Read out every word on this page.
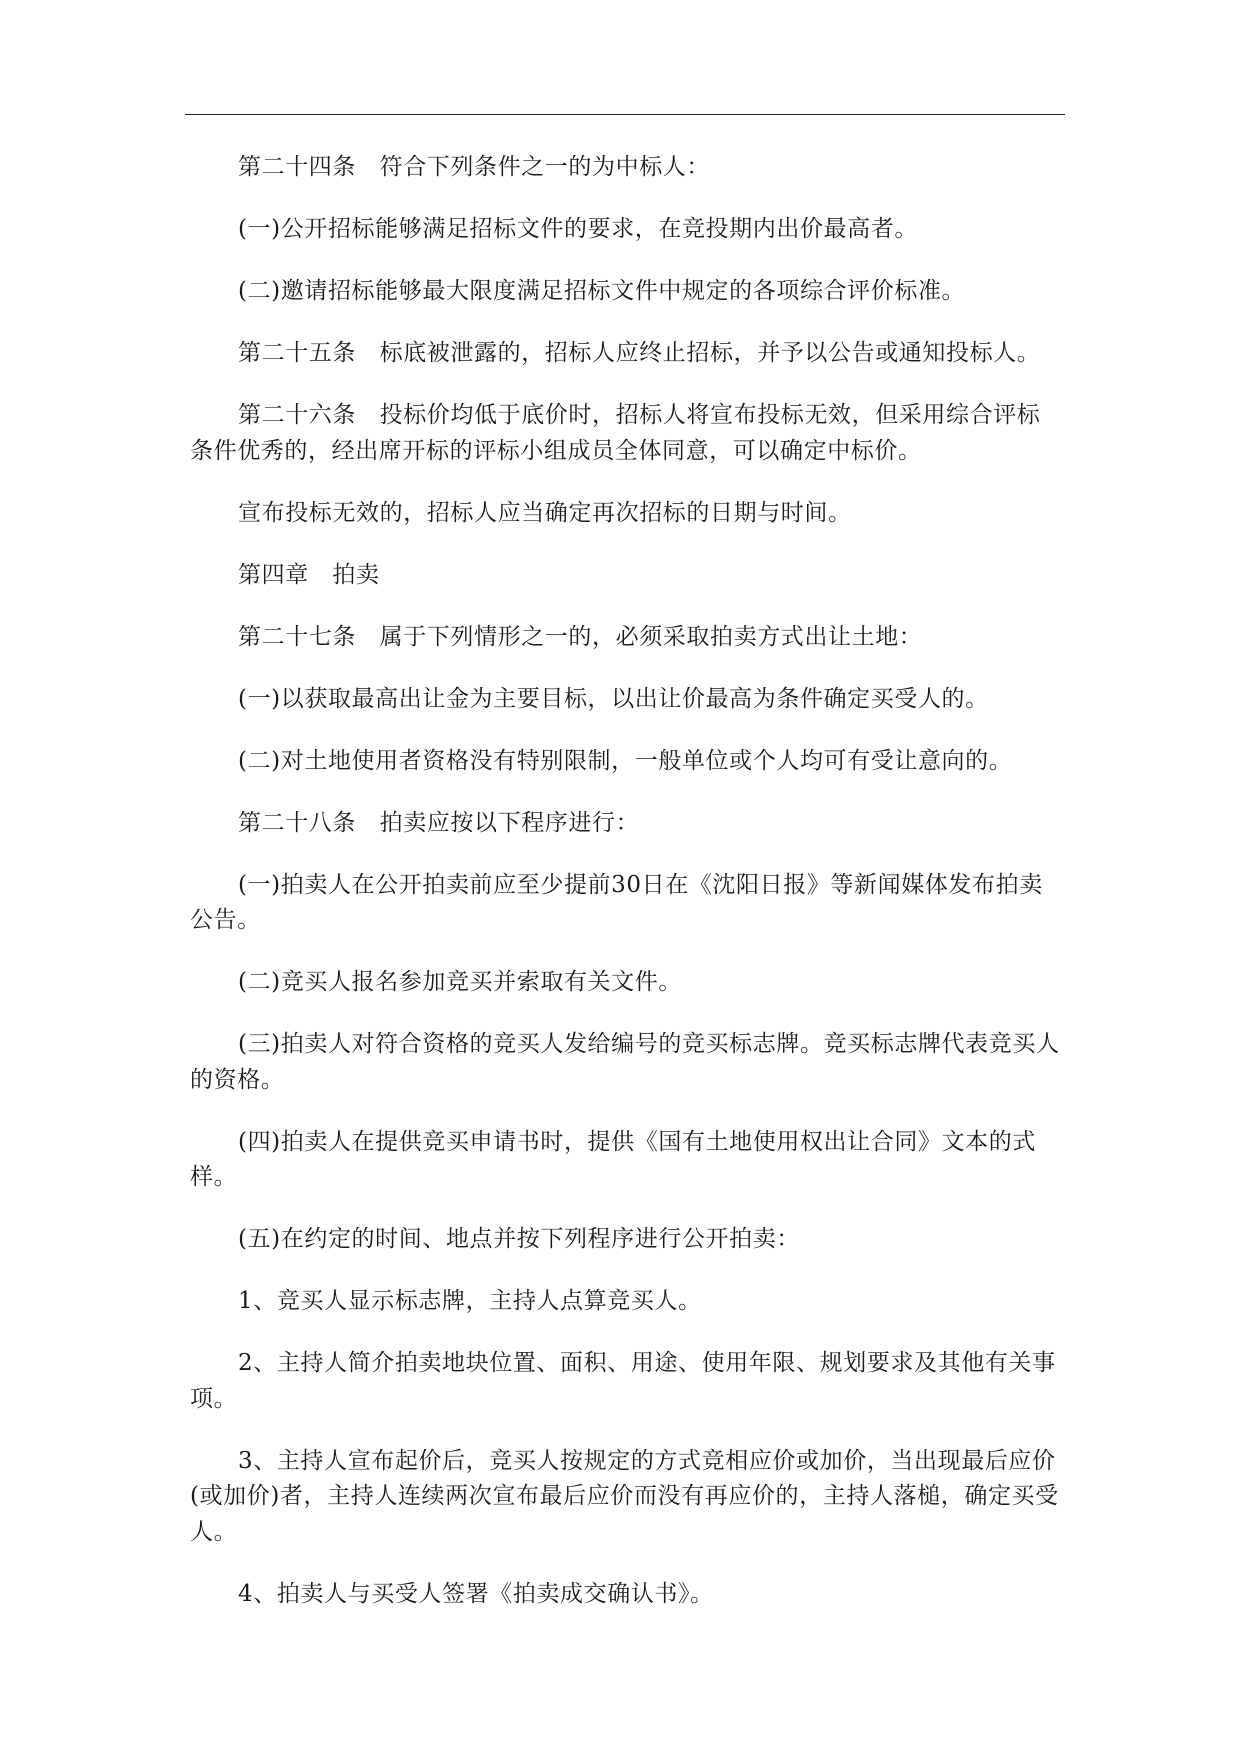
第二十四条　符合下列条件之一的为中标人：

(一)公开招标能够满足招标文件的要求，在竞投期内出价最高者。

(二)邀请招标能够最大限度满足招标文件中规定的各项综合评价标准。

第二十五条　标底被泄露的，招标人应终止招标，并予以公告或通知投标人。

第二十六条　投标价均低于底价时，招标人将宣布投标无效，但采用综合评标条件优秀的，经出席开标的评标小组成员全体同意，可以确定中标价。

宣布投标无效的，招标人应当确定再次招标的日期与时间。

第四章　拍卖

第二十七条　属于下列情形之一的，必须采取拍卖方式出让土地：

(一)以获取最高出让金为主要目标，以出让价最高为条件确定买受人的。

(二)对土地使用者资格没有特别限制，一般单位或个人均可有受让意向的。

第二十八条　拍卖应按以下程序进行：

(一)拍卖人在公开拍卖前应至少提前30日在《沈阳日报》等新闻媒体发布拍卖公告。

(二)竞买人报名参加竞买并索取有关文件。

(三)拍卖人对符合资格的竞买人发给编号的竞买标志牌。竞买标志牌代表竞买人的资格。

(四)拍卖人在提供竞买申请书时，提供《国有土地使用权出让合同》文本的式样。

(五)在约定的时间、地点并按下列程序进行公开拍卖：

1、竞买人显示标志牌，主持人点算竞买人。

2、主持人简介拍卖地块位置、面积、用途、使用年限、规划要求及其他有关事项。

3、主持人宣布起价后，竞买人按规定的方式竞相应价或加价，当出现最后应价(或加价)者，主持人连续两次宣布最后应价而没有再应价的，主持人落槌，确定买受人。

4、拍卖人与买受人签署《拍卖成交确认书》。
